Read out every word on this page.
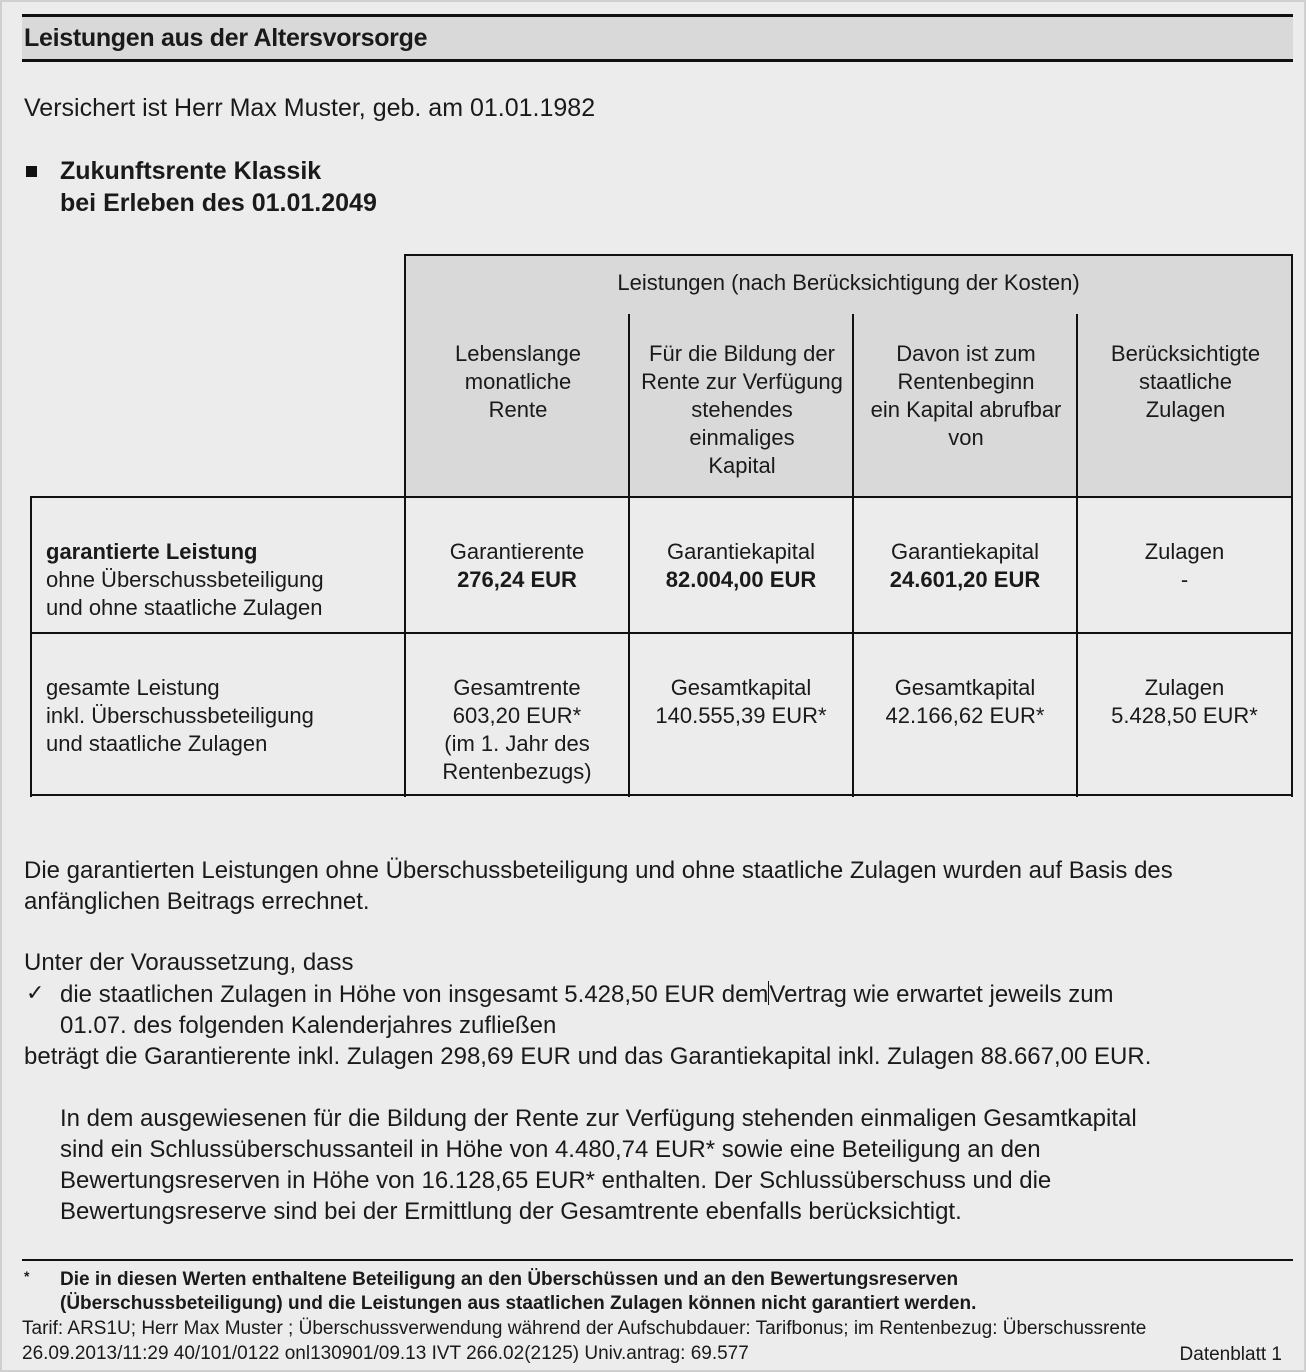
Leistungen aus der Altersvorsorge
Versichert ist Herr Max Muster, geb. am 01.01.1982
Zukunftsrente Klassik
bei Erleben des 01.01.2049
Leistungen (nach Berücksichtigung der Kosten)
Lebenslange
monatliche
Rente
Für die Bildung der
Rente zur Verfügung
stehendes
einmaliges
Kapital
Davon ist zum
Rentenbeginn
ein Kapital abrufbar
von
Berücksichtigte
staatliche
Zulagen
garantierte Leistung
ohne Überschussbeteiligung
und ohne staatliche Zulagen
Garantierente
276,24 EUR
Garantiekapital
82.004,00 EUR
Garantiekapital
24.601,20 EUR
Zulagen
-
gesamte Leistung
inkl. Überschussbeteiligung
und staatliche Zulagen
Gesamtrente
603,20 EUR*
(im 1. Jahr des
Rentenbezugs)
Gesamtkapital
140.555,39 EUR*
Gesamtkapital
42.166,62 EUR*
Zulagen
5.428,50 EUR*
Die garantierten Leistungen ohne Überschussbeteiligung und ohne staatliche Zulagen wurden auf Basis des
anfänglichen Beitrags errechnet.
Unter der Voraussetzung, dass
✓ die staatlichen Zulagen in Höhe von insgesamt 5.428,50 EUR demVertrag wie erwartet jeweils zum
01.07. des folgenden Kalenderjahres zufließen
beträgt die Garantierente inkl. Zulagen 298,69 EUR und das Garantiekapital inkl. Zulagen 88.667,00 EUR.
In dem ausgewiesenen für die Bildung der Rente zur Verfügung stehenden einmaligen Gesamtkapital
sind ein Schlussüberschussanteil in Höhe von 4.480,74 EUR* sowie eine Beteiligung an den
Bewertungsreserven in Höhe von 16.128,65 EUR* enthalten. Der Schlussüberschuss und die
Bewertungsreserve sind bei der Ermittlung der Gesamtrente ebenfalls berücksichtigt.
* Die in diesen Werten enthaltene Beteiligung an den Überschüssen und an den Bewertungsreserven
(Überschussbeteiligung) und die Leistungen aus staatlichen Zulagen können nicht garantiert werden.
Tarif: ARS1U; Herr Max Muster ; Überschussverwendung während der Aufschubdauer: Tarifbonus; im Rentenbezug: Überschussrente
26.09.2013/11:29 40/101/0122 onl130901/09.13 IVT 266.02(2125) Univ.antrag: 69.577	Datenblatt 1
